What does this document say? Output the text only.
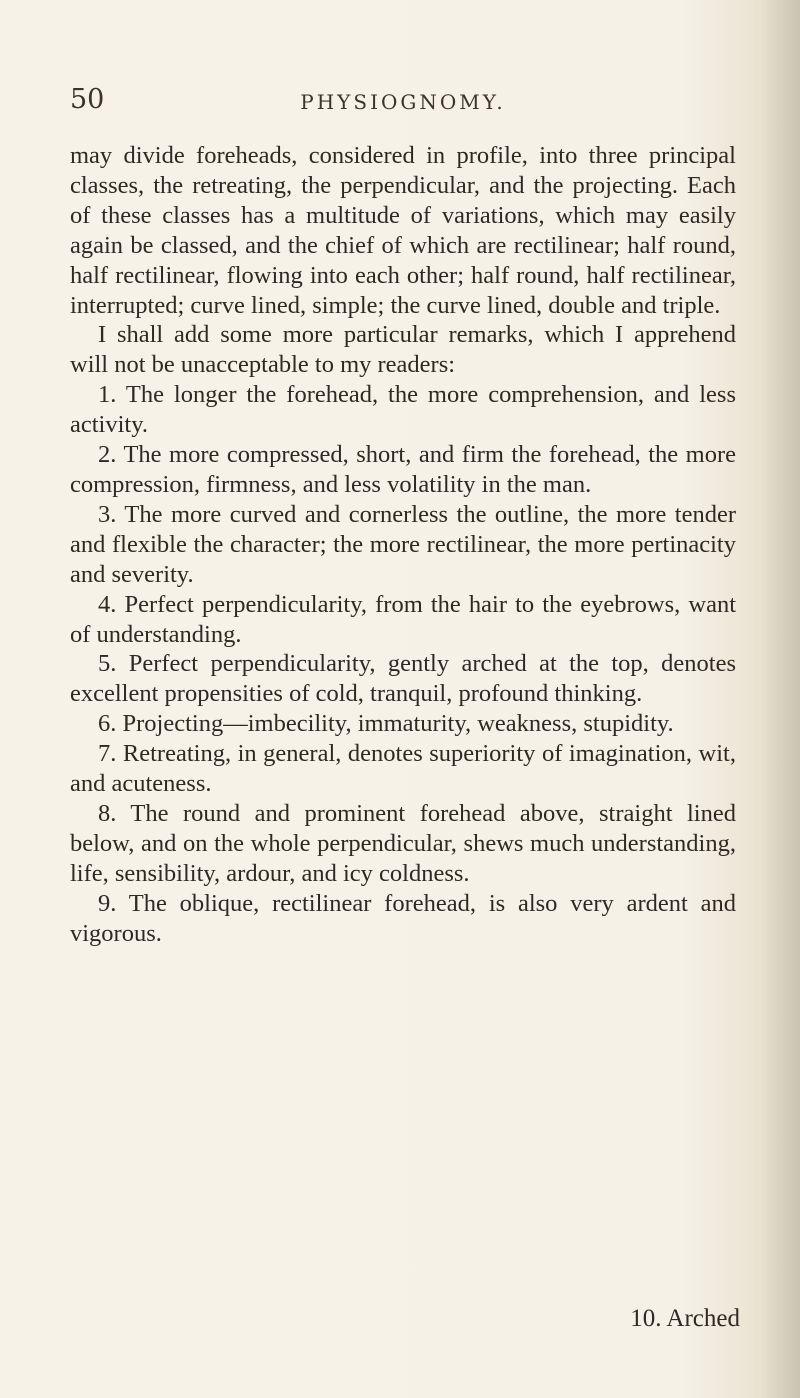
50	PHYSIOGNOMY.

may divide foreheads, considered in profile, into three principal classes, the retreating, the perpendicular, and the projecting. Each of these classes has a multitude of variations, which may easily again be classed, and the chief of which are rectilinear; half round, half rectilinear, flowing into each other; half round, half rectilinear, interrupted; curve lined, simple; the curve lined, double and triple.

I shall add some more particular remarks, which I apprehend will not be unacceptable to my readers:

1. The longer the forehead, the more comprehension, and less activity.

2. The more compressed, short, and firm the forehead, the more compression, firmness, and less volatility in the man.

3. The more curved and cornerless the outline, the more tender and flexible the character; the more rectilinear, the more pertinacity and severity.

4. Perfect perpendicularity, from the hair to the eyebrows, want of understanding.

5. Perfect perpendicularity, gently arched at the top, denotes excellent propensities of cold, tranquil, profound thinking.

6. Projecting—imbecility, immaturity, weakness, stupidity.

7. Retreating, in general, denotes superiority of imagination, wit, and acuteness.

8. The round and prominent forehead above, straight lined below, and on the whole perpendicular, shews much understanding, life, sensibility, ardour, and icy coldness.

9. The oblique, rectilinear forehead, is also very ardent and vigorous.

10. Arched
